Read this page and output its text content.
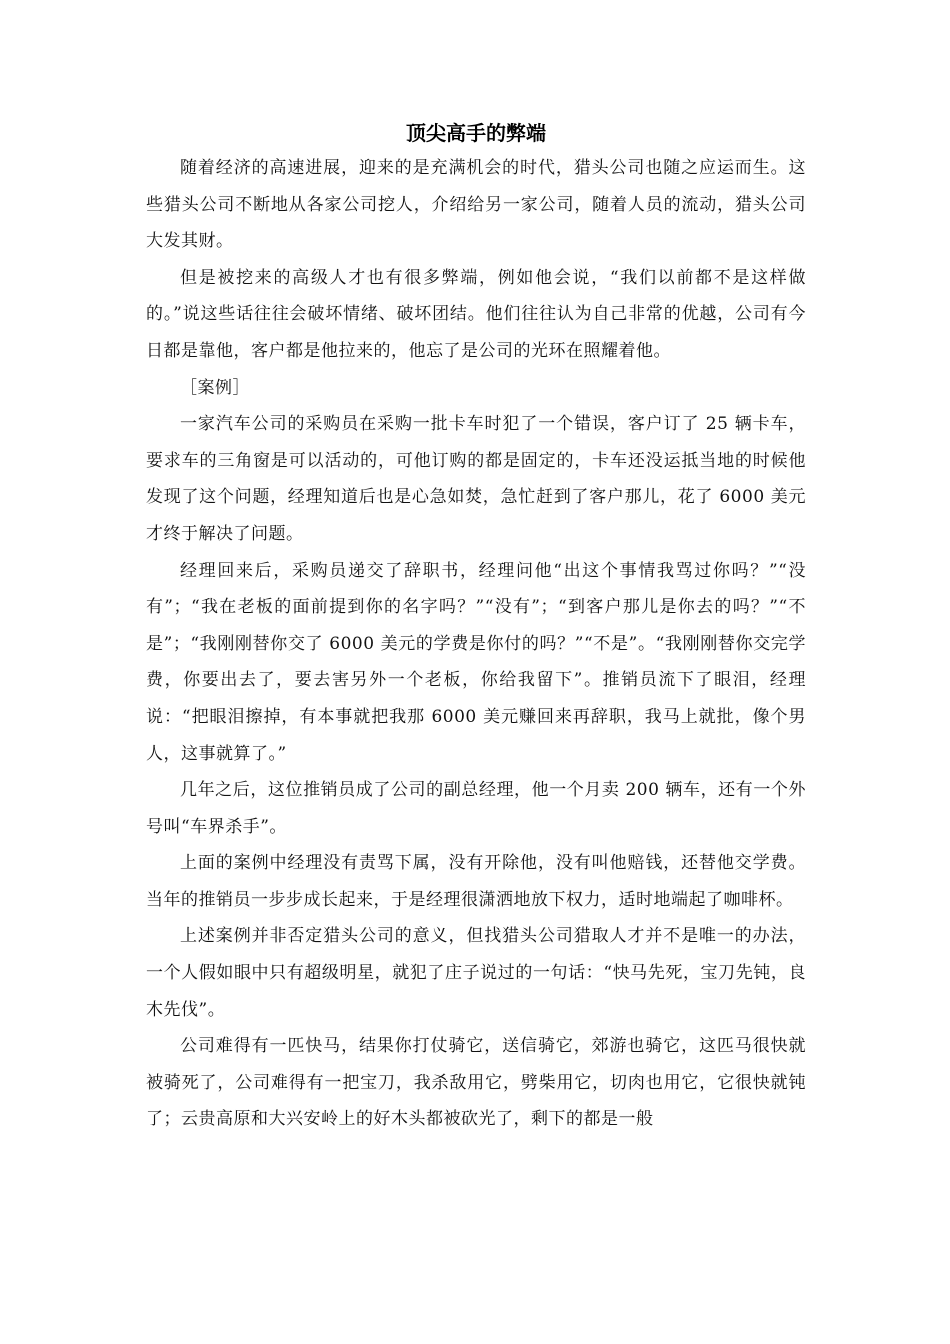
顶尖高手的弊端

随着经济的高速进展，迎来的是充满机会的时代，猎头公司也随之应运而生。这些猎头公司不断地从各家公司挖人，介绍给另一家公司，随着人员的流动，猎头公司大发其财。

但是被挖来的高级人才也有很多弊端，例如他会说，“我们以前都不是这样做的。”说这些话往往会破坏情绪、破坏团结。他们往往认为自己非常的优越，公司有今日都是靠他，客户都是他拉来的，他忘了是公司的光环在照耀着他。

［案例］

一家汽车公司的采购员在采购一批卡车时犯了一个错误，客户订了 25 辆卡车，要求车的三角窗是可以活动的，可他订购的都是固定的，卡车还没运抵当地的时候他发现了这个问题，经理知道后也是心急如焚，急忙赶到了客户那儿，花了 6000 美元才终于解决了问题。

经理回来后，采购员递交了辞职书，经理问他“出这个事情我骂过你吗？”“没有”；“我在老板的面前提到你的名字吗？”“没有”；“到客户那儿是你去的吗？”“不是”；“我刚刚替你交了 6000 美元的学费是你付的吗？”“不是”。“我刚刚替你交完学费，你要出去了，要去害另外一个老板，你给我留下”。推销员流下了眼泪，经理说：“把眼泪擦掉，有本事就把我那 6000 美元赚回来再辞职，我马上就批，像个男人，这事就算了。”

几年之后，这位推销员成了公司的副总经理，他一个月卖 200 辆车，还有一个外号叫“车界杀手”。

上面的案例中经理没有责骂下属，没有开除他，没有叫他赔钱，还替他交学费。当年的推销员一步步成长起来，于是经理很潇洒地放下权力，适时地端起了咖啡杯。

上述案例并非否定猎头公司的意义，但找猎头公司猎取人才并不是唯一的办法，一个人假如眼中只有超级明星，就犯了庄子说过的一句话：“快马先死，宝刀先钝，良木先伐”。

公司难得有一匹快马，结果你打仗骑它，送信骑它，郊游也骑它，这匹马很快就被骑死了，公司难得有一把宝刀，我杀敌用它，劈柴用它，切肉也用它，它很快就钝了；云贵高原和大兴安岭上的好木头都被砍光了，剩下的都是一般
